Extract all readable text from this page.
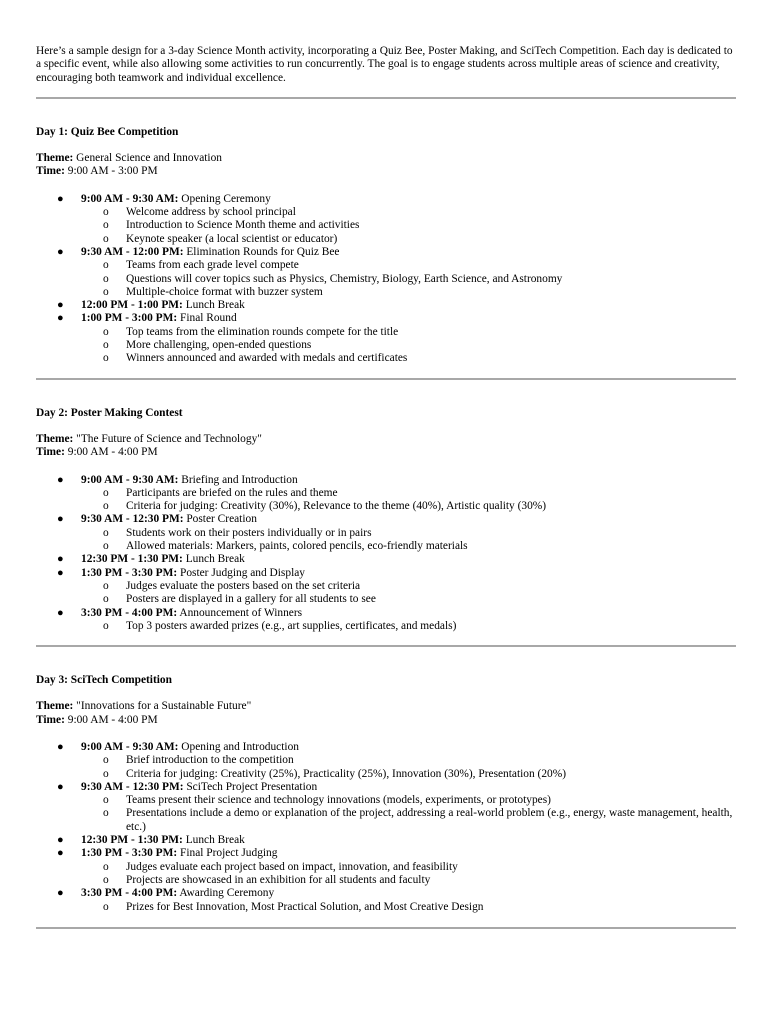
Here’s a sample design for a 3-day Science Month activity, incorporating a Quiz Bee, Poster Making, and SciTech Competition. Each day is dedicated to a specific event, while also allowing some activities to run concurrently. The goal is to engage students across multiple areas of science and creativity, encouraging both teamwork and individual excellence.

Day 1: Quiz Bee Competition

Theme: General Science and Innovation

Time: 9:00 AM - 3:00 PM

● 9:00 AM - 9:30 AM: Opening Ceremony
o Welcome address by school principal
o Introduction to Science Month theme and activities
o Keynote speaker (a local scientist or educator)
● 9:30 AM - 12:00 PM: Elimination Rounds for Quiz Bee
o Teams from each grade level compete
o Questions will cover topics such as Physics, Chemistry, Biology, Earth Science, and Astronomy
o Multiple-choice format with buzzer system
● 12:00 PM - 1:00 PM: Lunch Break
● 1:00 PM - 3:00 PM: Final Round
o Top teams from the elimination rounds compete for the title
o More challenging, open-ended questions
o Winners announced and awarded with medals and certificates

Day 2: Poster Making Contest

Theme: "The Future of Science and Technology"

Time: 9:00 AM - 4:00 PM

● 9:00 AM - 9:30 AM: Briefing and Introduction
o Participants are briefed on the rules and theme
o Criteria for judging: Creativity (30%), Relevance to the theme (40%), Artistic quality (30%)
● 9:30 AM - 12:30 PM: Poster Creation
o Students work on their posters individually or in pairs
o Allowed materials: Markers, paints, colored pencils, eco-friendly materials
● 12:30 PM - 1:30 PM: Lunch Break
● 1:30 PM - 3:30 PM: Poster Judging and Display
o Judges evaluate the posters based on the set criteria
o Posters are displayed in a gallery for all students to see
● 3:30 PM - 4:00 PM: Announcement of Winners
o Top 3 posters awarded prizes (e.g., art supplies, certificates, and medals)

Day 3: SciTech Competition

Theme: "Innovations for a Sustainable Future"

Time: 9:00 AM - 4:00 PM

● 9:00 AM - 9:30 AM: Opening and Introduction
o Brief introduction to the competition
o Criteria for judging: Creativity (25%), Practicality (25%), Innovation (30%), Presentation (20%)
● 9:30 AM - 12:30 PM: SciTech Project Presentation
o Teams present their science and technology innovations (models, experiments, or prototypes)
o Presentations include a demo or explanation of the project, addressing a real-world problem (e.g., energy, waste management, health, etc.)
● 12:30 PM - 1:30 PM: Lunch Break
● 1:30 PM - 3:30 PM: Final Project Judging
o Judges evaluate each project based on impact, innovation, and feasibility
o Projects are showcased in an exhibition for all students and faculty
● 3:30 PM - 4:00 PM: Awarding Ceremony
o Prizes for Best Innovation, Most Practical Solution, and Most Creative Design
